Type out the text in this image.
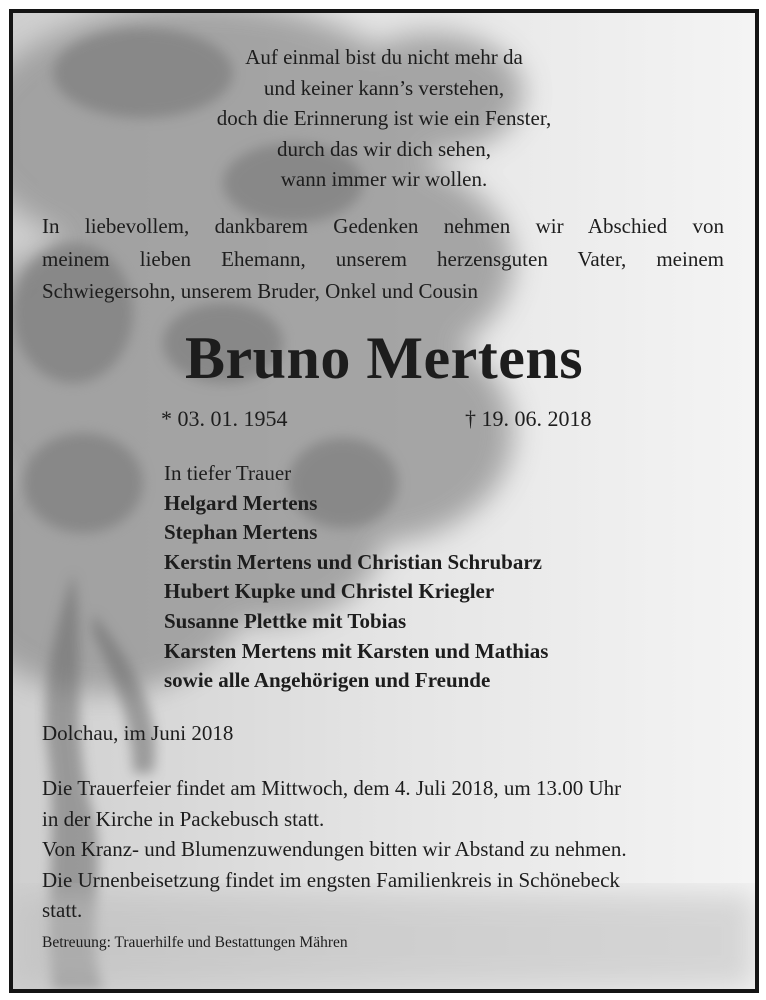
Auf einmal bist du nicht mehr da
und keiner kann’s verstehen,
doch die Erinnerung ist wie ein Fenster,
durch das wir dich sehen,
wann immer wir wollen.
In liebevollem, dankbarem Gedenken nehmen wir Abschied von
meinem lieben Ehemann, unserem herzensguten Vater, meinem
Schwiegersohn, unserem Bruder, Onkel und Cousin
Bruno Mertens
* 03. 01. 1954	† 19. 06. 2018
In tiefer Trauer
Helgard Mertens
Stephan Mertens
Kerstin Mertens und Christian Schrubarz
Hubert Kupke und Christel Kriegler
Susanne Plettke mit Tobias
Karsten Mertens mit Karsten und Mathias
sowie alle Angehörigen und Freunde
Dolchau, im Juni 2018
Die Trauerfeier findet am Mittwoch, dem 4. Juli 2018, um 13.00 Uhr
in der Kirche in Packebusch statt.
Von Kranz- und Blumenzuwendungen bitten wir Abstand zu nehmen.
Die Urnenbeisetzung findet im engsten Familienkreis in Schönebeck
statt.
Betreuung: Trauerhilfe und Bestattungen Mähren
